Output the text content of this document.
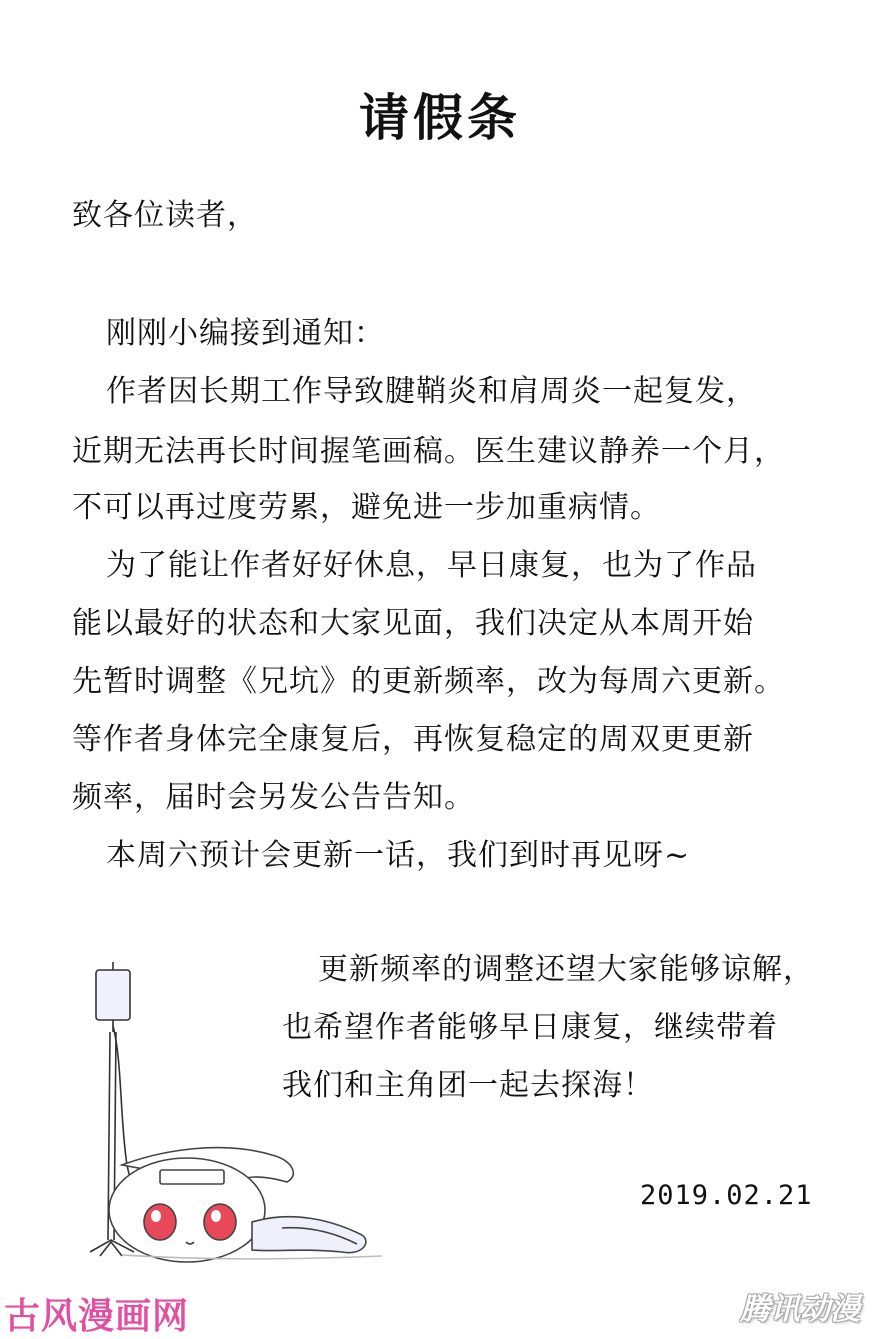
请假条
致各位读者，
刚刚小编接到通知：
作者因长期工作导致腱鞘炎和肩周炎一起复发，
近期无法再长时间握笔画稿。医生建议静养一个月，
不可以再过度劳累，避免进一步加重病情。
为了能让作者好好休息，早日康复，也为了作品
能以最好的状态和大家见面，我们决定从本周开始
先暂时调整《兄坑》的更新频率，改为每周六更新。
等作者身体完全康复后，再恢复稳定的周双更更新
频率，届时会另发公告告知。
本周六预计会更新一话，我们到时再见呀~
更新频率的调整还望大家能够谅解，
也希望作者能够早日康复，继续带着
我们和主角团一起去探海！
2019.02.21
古风漫画网	腾讯动漫
